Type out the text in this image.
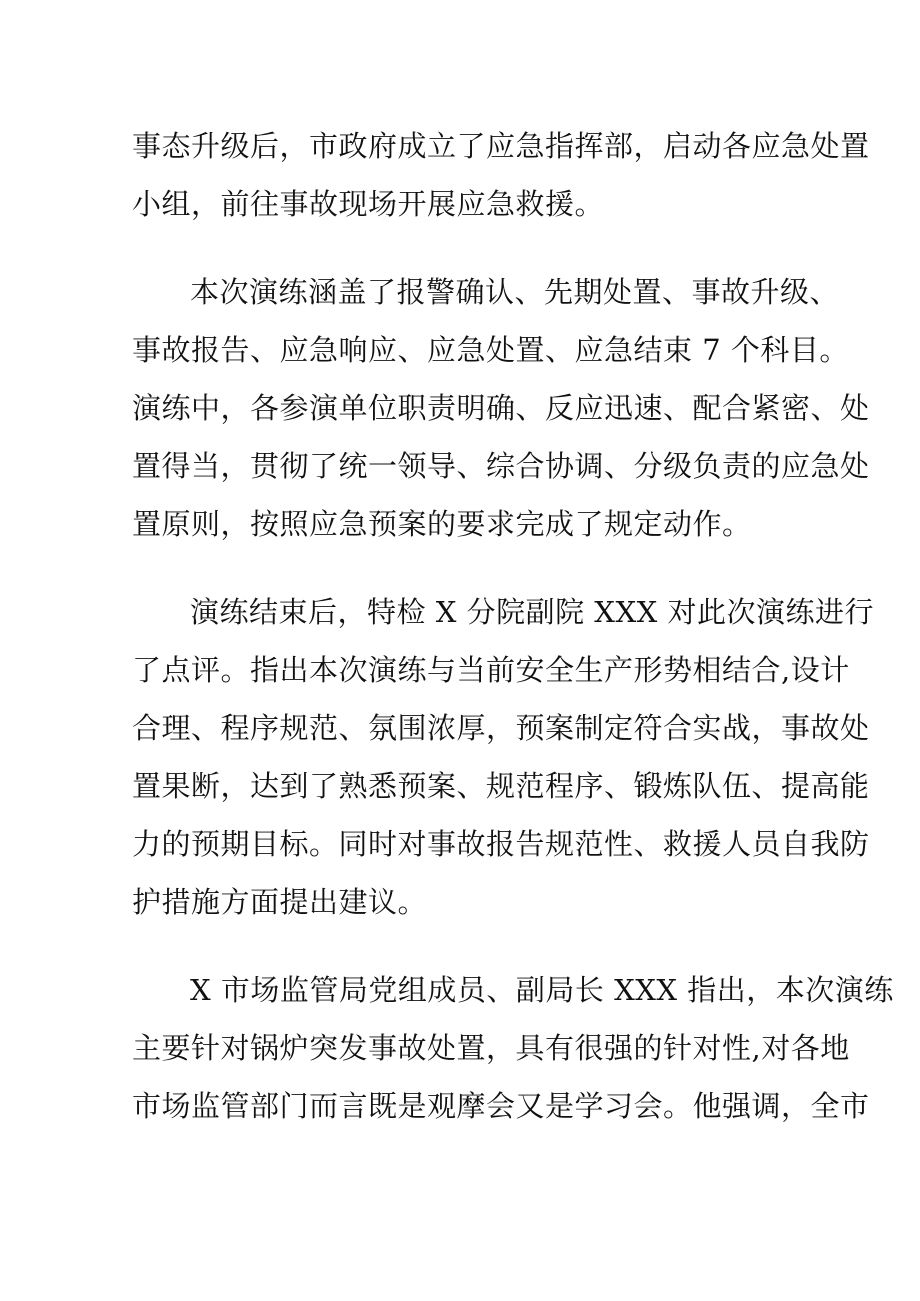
事态升级后，市政府成立了应急指挥部，启动各应急处置
小组，前往事故现场开展应急救援。

本次演练涵盖了报警确认、先期处置、事故升级、
事故报告、应急响应、应急处置、应急结束 7 个科目。
演练中，各参演单位职责明确、反应迅速、配合紧密、处
置得当，贯彻了统一领导、综合协调、分级负责的应急处
置原则，按照应急预案的要求完成了规定动作。

演练结束后，特检 X 分院副院 XXX 对此次演练进行
了点评。指出本次演练与当前安全生产形势相结合,设计
合理、程序规范、氛围浓厚，预案制定符合实战，事故处
置果断，达到了熟悉预案、规范程序、锻炼队伍、提高能
力的预期目标。同时对事故报告规范性、救援人员自我防
护措施方面提出建议。

X 市场监管局党组成员、副局长 XXX 指出，本次演练
主要针对锅炉突发事故处置，具有很强的针对性,对各地
市场监管部门而言既是观摩会又是学习会。他强调，全市
